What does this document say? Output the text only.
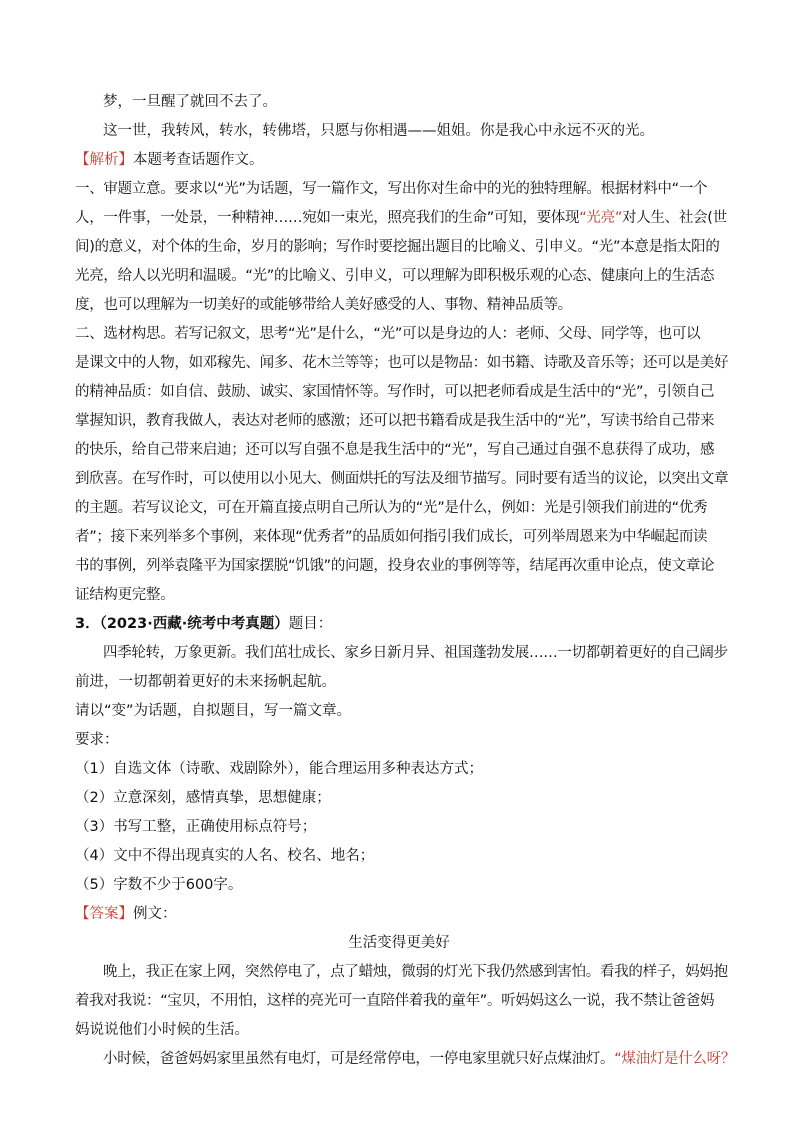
梦，一旦醒了就回不去了。
这一世，我转风，转水，转佛塔，只愿与你相遇——姐姐。你是我心中永远不灭的光。
【解析】本题考查话题作文。
一、审题立意。要求以“光”为话题，写一篇作文，写出你对生命中的光的独特理解。根据材料中“一个
人，一件事，一处景，一种精神……宛如一束光，照亮我们的生命”可知，要体现“光亮”对人生、社会(世
间)的意义，对个体的生命，岁月的影响；写作时要挖掘出题目的比喻义、引申义。“光”本意是指太阳的
光亮，给人以光明和温暖。“光”的比喻义、引申义，可以理解为即积极乐观的心态、健康向上的生活态
度，也可以理解为一切美好的或能够带给人美好感受的人、事物、精神品质等。
二、选材构思。若写记叙文，思考“光”是什么，“光”可以是身边的人：老师、父母、同学等，也可以
是课文中的人物，如邓稼先、闻多、花木兰等等；也可以是物品：如书籍、诗歌及音乐等；还可以是美好
的精神品质：如自信、鼓励、诚实、家国情怀等。写作时，可以把老师看成是生活中的“光”，引领自己
掌握知识，教育我做人，表达对老师的感激；还可以把书籍看成是我生活中的“光”，写读书给自己带来
的快乐，给自己带来启迪；还可以写自强不息是我生活中的“光”，写自己通过自强不息获得了成功，感
到欣喜。在写作时，可以使用以小见大、侧面烘托的写法及细节描写。同时要有适当的议论，以突出文章
的主题。若写议论文，可在开篇直接点明自己所认为的“光”是什么，例如：光是引领我们前进的“优秀
者”；接下来列举多个事例，来体现“优秀者”的品质如何指引我们成长，可列举周恩来为中华崛起而读
书的事例，列举袁隆平为国家摆脱“饥饿”的问题，投身农业的事例等等，结尾再次重申论点，使文章论
证结构更完整。
3．（2023·西藏·统考中考真题）题目：
四季轮转，万象更新。我们茁壮成长、家乡日新月异、祖国蓬勃发展……一切都朝着更好的自己阔步
前进，一切都朝着更好的未来扬帆起航。
请以“变”为话题，自拟题目，写一篇文章。
要求：
（1）自选文体（诗歌、戏剧除外），能合理运用多种表达方式；
（2）立意深刻，感情真挚，思想健康；
（3）书写工整，正确使用标点符号；
（4）文中不得出现真实的人名、校名、地名；
（5）字数不少于600字。
【答案】例文：
生活变得更美好
晚上，我正在家上网，突然停电了，点了蜡烛，微弱的灯光下我仍然感到害怕。看我的样子，妈妈抱
着我对我说：“宝贝，不用怕，这样的亮光可一直陪伴着我的童年”。听妈妈这么一说，我不禁让爸爸妈
妈说说他们小时候的生活。
小时候，爸爸妈妈家里虽然有电灯，可是经常停电，一停电家里就只好点煤油灯。“煤油灯是什么呀？
